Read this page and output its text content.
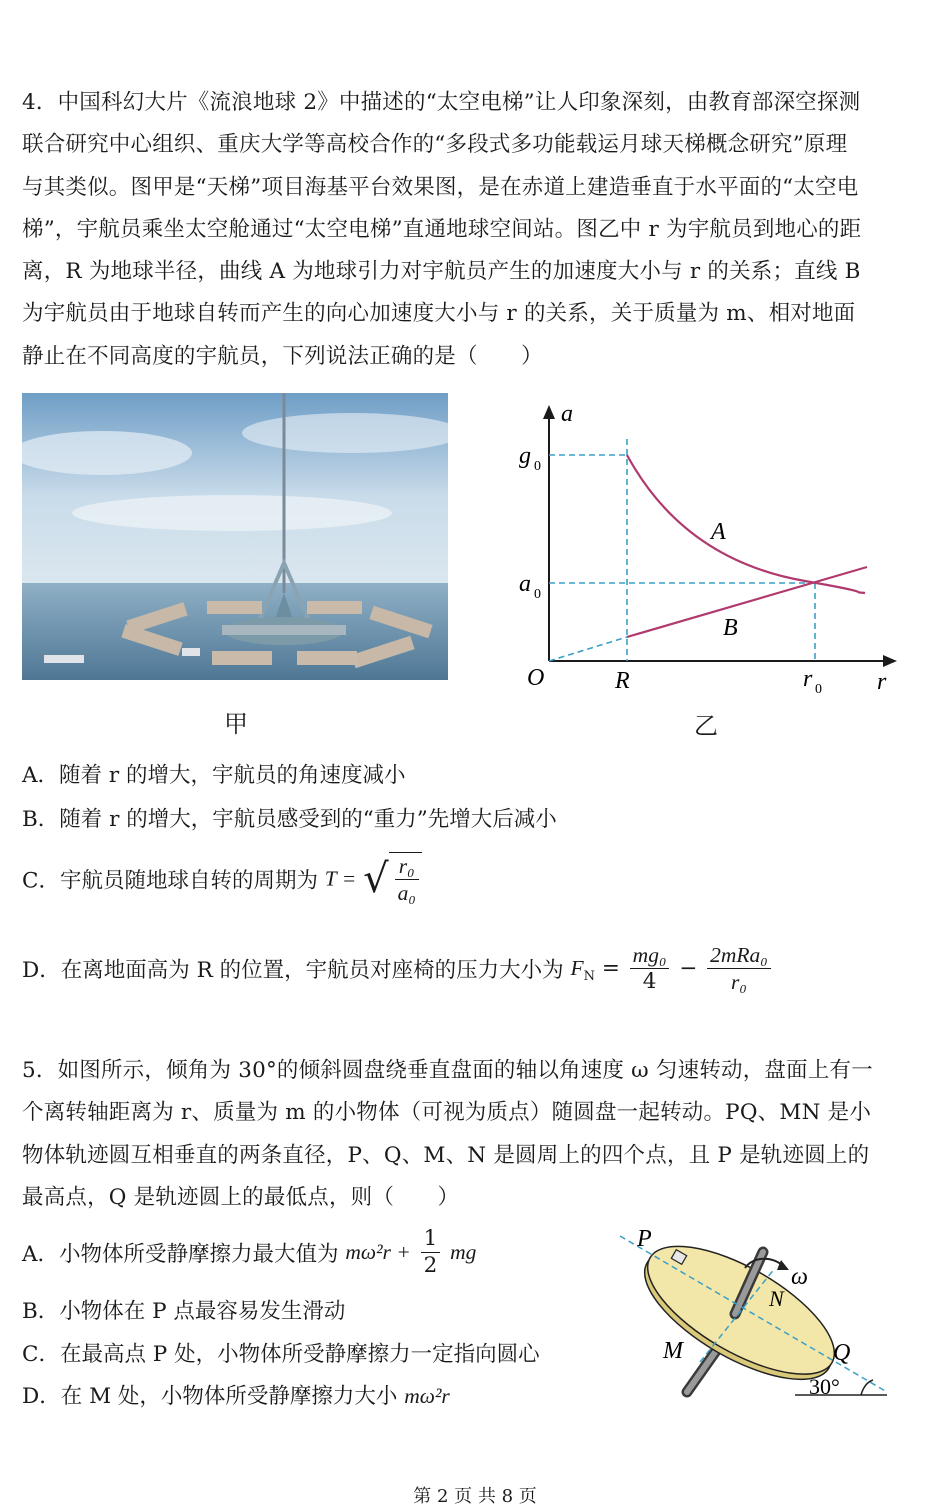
4．中国科幻大片《流浪地球 2》中描述的“太空电梯”让人印象深刻，由教育部深空探测
联合研究中心组织、重庆大学等高校合作的“多段式多功能载运月球天梯概念研究”原理
与其类似。图甲是“天梯”项目海基平台效果图，是在赤道上建造垂直于水平面的“太空电
梯”，宇航员乘坐太空舱通过“太空电梯”直通地球空间站。图乙中 r 为宇航员到地心的距
离，R 为地球半径，曲线 A 为地球引力对宇航员产生的加速度大小与 r 的关系；直线 B
为宇航员由于地球自转而产生的向心加速度大小与 r 的关系，关于质量为 m、相对地面
静止在不同高度的宇航员，下列说法正确的是（　　）
甲
a
g 0
a 0
A
B
O	R	r 0 r
乙
A．随着 r 的增大，宇航员的角速度减小
B．随着 r 的增大，宇航员感受到的“重力”先增大后减小
C．宇航员随地球自转的周期为 T = √ $\frac{\text{r₀}}{\text{a₀}}$
D．在离地面高为 R 的位置，宇航员对座椅的压力大小为 $F_N = \frac{\text{mg₀}}{4} - \frac{\text{2mRa₀}}{\text{r₀}}$
5．如图所示，倾角为 30°的倾斜圆盘绕垂直盘面的轴以角速度 ω 匀速转动，盘面上有一
个离转轴距离为 r、质量为 m 的小物体（可视为质点）随圆盘一起转动。PQ、MN 是小
物体轨迹圆互相垂直的两条直径，P、Q、M、N 是圆周上的四个点，且 P 是轨迹圆上的
最高点，Q 是轨迹圆上的最低点，则（　　）
A．小物体所受静摩擦力最大值为 $m\omega^2r + \frac{1}{2}$ mg
B．小物体在 P 点最容易发生滑动
C．在最高点 P 处，小物体所受静摩擦力一定指向圆心
D．在 M 处，小物体所受静摩擦力大小 mω²r
P
ω
N
M	Q
30°
第 2 页 共 8 页
